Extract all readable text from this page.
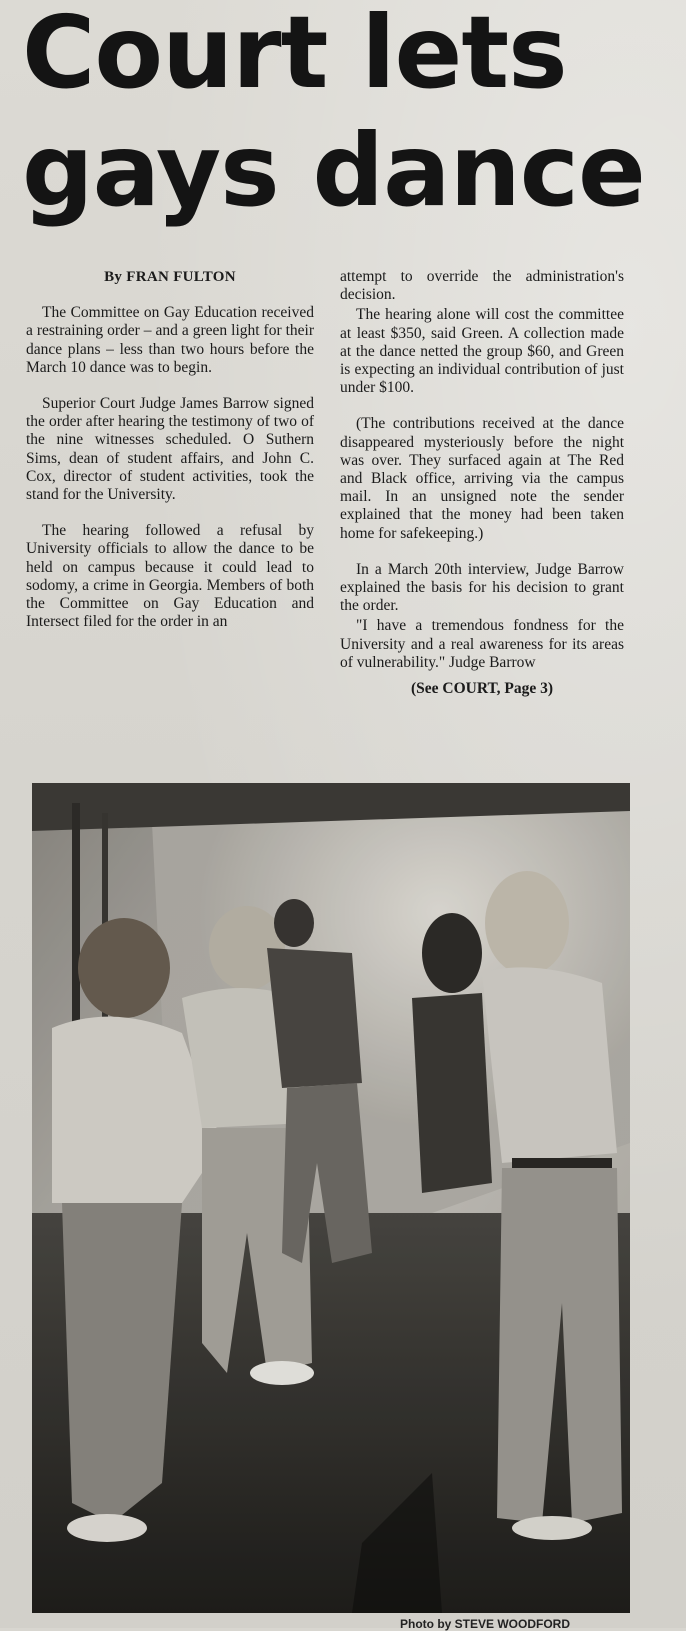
Court lets
gays dance

By FRAN FULTON

The Committee on Gay Education received a restraining order – and a green light for their dance plans – less than two hours before the March 10 dance was to begin.

Superior Court Judge James Barrow signed the order after hearing the testimony of two of the nine witnesses scheduled. O Suthern Sims, dean of student affairs, and John C. Cox, director of student activities, took the stand for the University.

The hearing followed a refusal by University officials to allow the dance to be held on campus because it could lead to sodomy, a crime in Georgia. Members of both the Committee on Gay Education and Intersect filed for the order in an

attempt to override the administration's decision.

The hearing alone will cost the committee at least $350, said Green. A collection made at the dance netted the group $60, and Green is expecting an individual contribution of just under $100.

(The contributions received at the dance disappeared mysteriously before the night was over. They surfaced again at The Red and Black office, arriving via the campus mail. In an unsigned note the sender explained that the money had been taken home for safekeeping.)

In a March 20th interview, Judge Barrow explained the basis for his decision to grant the order.

"I have a tremendous fondness for the University and a real awareness for its areas of vulnerability." Judge Barrow

(See COURT, Page 3)

Photo by STEVE WOODFORD
